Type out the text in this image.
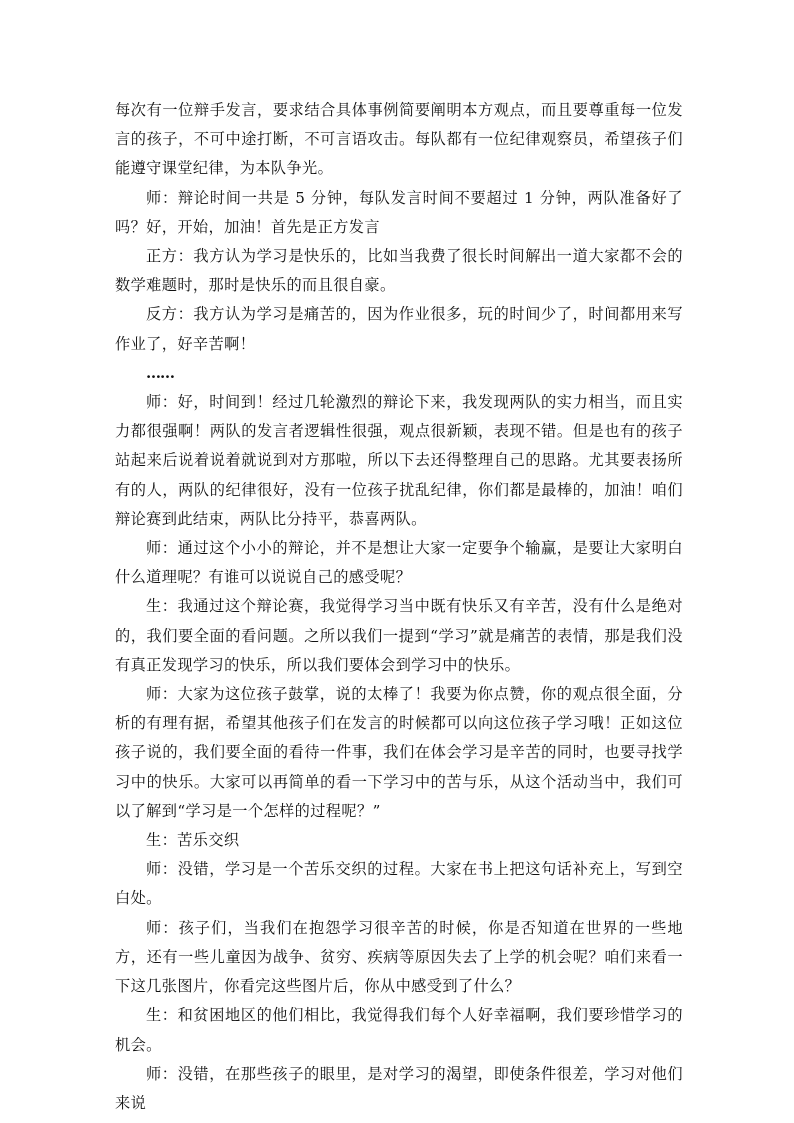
每次有一位辩手发言，要求结合具体事例简要阐明本方观点，而且要尊重每一位发言的孩子，不可中途打断，不可言语攻击。每队都有一位纪律观察员，希望孩子们能遵守课堂纪律，为本队争光。

师：辩论时间一共是 5 分钟，每队发言时间不要超过 1 分钟，两队准备好了吗？好，开始，加油！首先是正方发言

正方：我方认为学习是快乐的，比如当我费了很长时间解出一道大家都不会的数学难题时，那时是快乐的而且很自豪。

反方：我方认为学习是痛苦的，因为作业很多，玩的时间少了，时间都用来写作业了，好辛苦啊！

……

师：好，时间到！经过几轮激烈的辩论下来，我发现两队的实力相当，而且实力都很强啊！两队的发言者逻辑性很强，观点很新颖，表现不错。但是也有的孩子站起来后说着说着就说到对方那啦，所以下去还得整理自己的思路。尤其要表扬所有的人，两队的纪律很好，没有一位孩子扰乱纪律，你们都是最棒的，加油！咱们辩论赛到此结束，两队比分持平，恭喜两队。

师：通过这个小小的辩论，并不是想让大家一定要争个输赢，是要让大家明白什么道理呢？有谁可以说说自己的感受呢？

生：我通过这个辩论赛，我觉得学习当中既有快乐又有辛苦，没有什么是绝对的，我们要全面的看问题。之所以我们一提到“学习”就是痛苦的表情，那是我们没有真正发现学习的快乐，所以我们要体会到学习中的快乐。

师：大家为这位孩子鼓掌，说的太棒了！我要为你点赞，你的观点很全面，分析的有理有据，希望其他孩子们在发言的时候都可以向这位孩子学习哦！正如这位孩子说的，我们要全面的看待一件事，我们在体会学习是辛苦的同时，也要寻找学习中的快乐。大家可以再简单的看一下学习中的苦与乐，从这个活动当中，我们可以了解到“学习是一个怎样的过程呢？”

生：苦乐交织

师：没错，学习是一个苦乐交织的过程。大家在书上把这句话补充上，写到空白处。

师：孩子们，当我们在抱怨学习很辛苦的时候，你是否知道在世界的一些地方，还有一些儿童因为战争、贫穷、疾病等原因失去了上学的机会呢？咱们来看一下这几张图片，你看完这些图片后，你从中感受到了什么？

生：和贫困地区的他们相比，我觉得我们每个人好幸福啊，我们要珍惜学习的机会。

师：没错，在那些孩子的眼里，是对学习的渴望，即使条件很差，学习对他们来说
